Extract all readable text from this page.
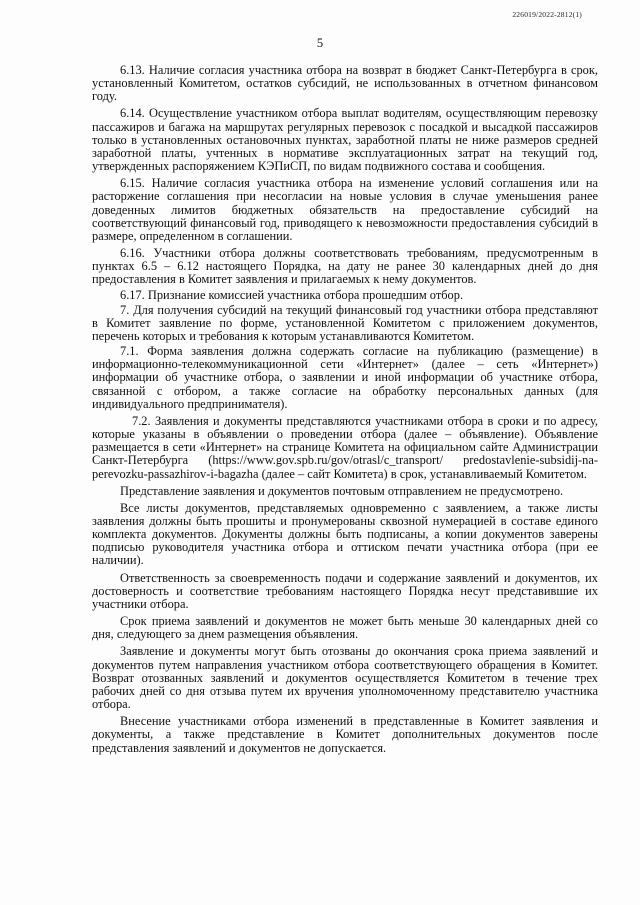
226019/2022-2812(1)
5

6.13. Наличие согласия участника отбора на возврат в бюджет Санкт-Петербурга в срок, установленный Комитетом, остатков субсидий, не использованных в отчетном финансовом году.

6.14. Осуществление участником отбора выплат водителям, осуществляющим перевозку пассажиров и багажа на маршрутах регулярных перевозок с посадкой и высадкой пассажиров только в установленных остановочных пунктах, заработной платы не ниже размеров средней заработной платы, учтенных в нормативе эксплуатационных затрат на текущий год, утвержденных распоряжением КЭПиСП, по видам подвижного состава и сообщения.

6.15. Наличие согласия участника отбора на изменение условий соглашения или на расторжение соглашения при несогласии на новые условия в случае уменьшения ранее доведенных лимитов бюджетных обязательств на предоставление субсидий на соответствующий финансовый год, приводящего к невозможности предоставления субсидий в размере, определенном в соглашении.

6.16. Участники отбора должны соответствовать требованиям, предусмотренным в пунктах 6.5 – 6.12 настоящего Порядка, на дату не ранее 30 календарных дней до дня предоставления в Комитет заявления и прилагаемых к нему документов.

6.17. Признание комиссией участника отбора прошедшим отбор.

7. Для получения субсидий на текущий финансовый год участники отбора представляют в Комитет заявление по форме, установленной Комитетом с приложением документов, перечень которых и требования к которым устанавливаются Комитетом.

7.1. Форма заявления должна содержать согласие на публикацию (размещение) в информационно-телекоммуникационной сети «Интернет» (далее – сеть «Интернет») информации об участнике отбора, о заявлении и иной информации об участнике отбора, связанной с отбором, а также согласие на обработку персональных данных (для индивидуального предпринимателя).

7.2. Заявления и документы представляются участниками отбора в сроки и по адресу, которые указаны в объявлении о проведении отбора (далее – объявление). Объявление размещается в сети «Интернет» на странице Комитета на официальном сайте Администрации Санкт-Петербурга (https://www.gov.spb.ru/gov/otrasl/c_transport/ predostavlenie-subsidij-na-perevozku-passazhirov-i-bagazha (далее – сайт Комитета) в срок, устанавливаемый Комитетом.

Представление заявления и документов почтовым отправлением не предусмотрено.

Все листы документов, представляемых одновременно с заявлением, а также листы заявления должны быть прошиты и пронумерованы сквозной нумерацией в составе единого комплекта документов. Документы должны быть подписаны, а копии документов заверены подписью руководителя участника отбора и оттиском печати участника отбора (при ее наличии).

Ответственность за своевременность подачи и содержание заявлений и документов, их достоверность и соответствие требованиям настоящего Порядка несут представившие их участники отбора.

Срок приема заявлений и документов не может быть меньше 30 календарных дней со дня, следующего за днем размещения объявления.

Заявление и документы могут быть отозваны до окончания срока приема заявлений и документов путем направления участником отбора соответствующего обращения в Комитет. Возврат отозванных заявлений и документов осуществляется Комитетом в течение трех рабочих дней со дня отзыва путем их вручения уполномоченному представителю участника отбора.

Внесение участниками отбора изменений в представленные в Комитет заявления и документы, а также представление в Комитет дополнительных документов после представления заявлений и документов не допускается.
